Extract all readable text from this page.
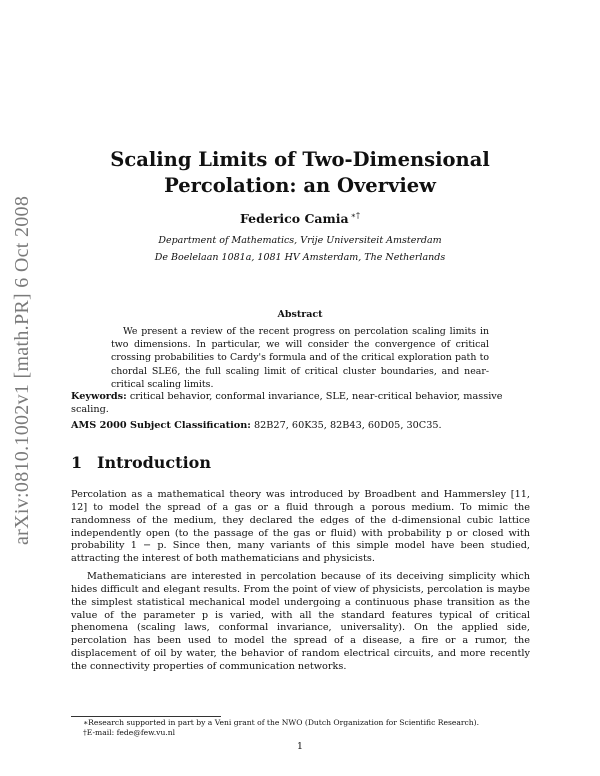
arXiv:0810.1002v1 [math.PR] 6 Oct 2008
Scaling Limits of Two-Dimensional
Percolation: an Overview
Federico Camia ∗†
Department of Mathematics, Vrije Universiteit Amsterdam
De Boelelaan 1081a, 1081 HV Amsterdam, The Netherlands
Abstract
We present a review of the recent progress on percolation scaling limits in two dimensions. In particular, we will consider the convergence of critical crossing probabilities to Cardy's formula and of the critical exploration path to chordal SLE6, the full scaling limit of critical cluster boundaries, and near-critical scaling limits.
Keywords: critical behavior, conformal invariance, SLE, near-critical behavior, massive scaling.
AMS 2000 Subject Classification: 82B27, 60K35, 82B43, 60D05, 30C35.
1 Introduction
Percolation as a mathematical theory was introduced by Broadbent and Hammersley [11, 12] to model the spread of a gas or a fluid through a porous medium. To mimic the randomness of the medium, they declared the edges of the d-dimensional cubic lattice independently open (to the passage of the gas or fluid) with probability p or closed with probability 1 − p. Since then, many variants of this simple model have been studied, attracting the interest of both mathematicians and physicists.
Mathematicians are interested in percolation because of its deceiving simplicity which hides difficult and elegant results. From the point of view of physicists, percolation is maybe the simplest statistical mechanical model undergoing a continuous phase transition as the value of the parameter p is varied, with all the standard features typical of critical phenomena (scaling laws, conformal invariance, universality). On the applied side, percolation has been used to model the spread of a disease, a fire or a rumor, the displacement of oil by water, the behavior of random electrical circuits, and more recently the connectivity properties of communication networks.
∗Research supported in part by a Veni grant of the NWO (Dutch Organization for Scientific Research).
†E-mail: fede@few.vu.nl
1
